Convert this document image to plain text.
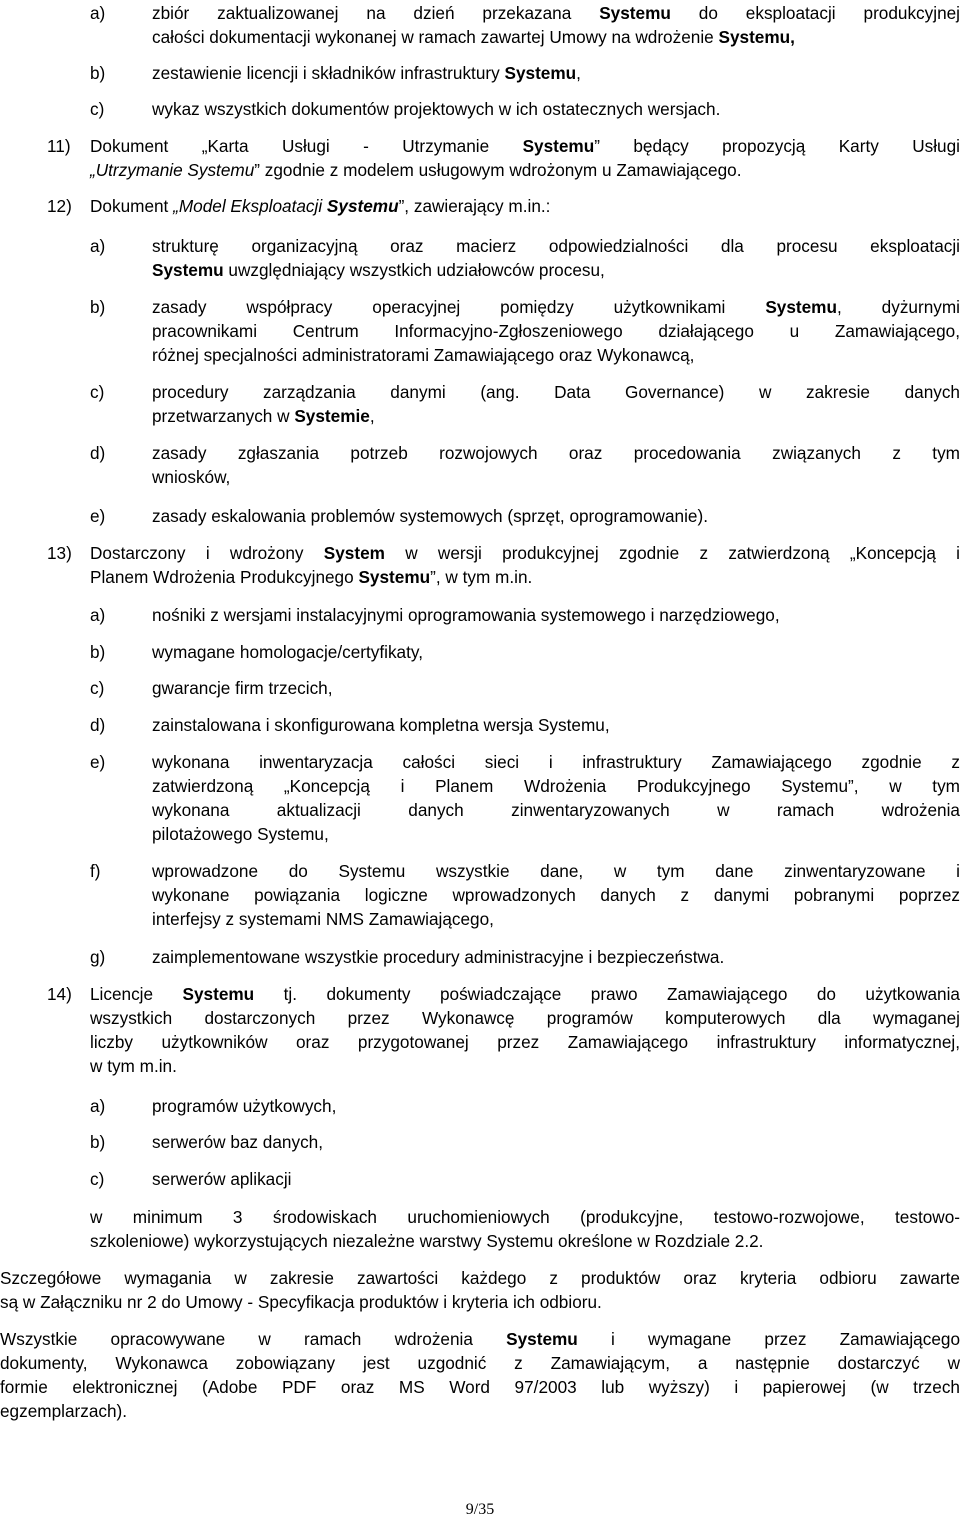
a)	zbiór zaktualizowanej na dzień przekazana Systemu do eksploatacji produkcyjnej
całości dokumentacji wykonanej w ramach zawartej Umowy na wdrożenie Systemu,
b)	zestawienie licencji i składników infrastruktury Systemu,
c)	wykaz wszystkich dokumentów projektowych w ich ostatecznych wersjach.
11) Dokument „Karta Usługi - Utrzymanie Systemu” będący propozycją Karty Usługi
„Utrzymanie Systemu” zgodnie z modelem usługowym wdrożonym u Zamawiającego.
12) Dokument „Model Eksploatacji Systemu”, zawierający m.in.:
a)	strukturę organizacyjną oraz macierz odpowiedzialności dla procesu eksploatacji
Systemu uwzględniający wszystkich udziałowców procesu,
b)	zasady współpracy operacyjnej pomiędzy użytkownikami Systemu, dyżurnymi
pracownikami Centrum Informacyjno-Zgłoszeniowego działającego u Zamawiającego,
różnej specjalności administratorami Zamawiającego oraz Wykonawcą,
c)	procedury zarządzania danymi (ang. Data Governance) w zakresie danych
przetwarzanych w Systemie,
d)	zasady zgłaszania potrzeb rozwojowych oraz procedowania związanych z tym
wniosków,
e)	zasady eskalowania problemów systemowych (sprzęt, oprogramowanie).
13) Dostarczony i wdrożony System w wersji produkcyjnej zgodnie z zatwierdzoną „Koncepcją i
Planem Wdrożenia Produkcyjnego Systemu”, w tym m.in.
a)	nośniki z wersjami instalacyjnymi oprogramowania systemowego i narzędziowego,
b)	wymagane homologacje/certyfikaty,
c)	gwarancje firm trzecich,
d)	zainstalowana i skonfigurowana kompletna wersja Systemu,
e)	wykonana inwentaryzacja całości sieci i infrastruktury Zamawiającego zgodnie z
zatwierdzoną „Koncepcją i Planem Wdrożenia Produkcyjnego Systemu”, w tym
wykonana aktualizacji danych zinwentaryzowanych w ramach wdrożenia
pilotażowego Systemu,
f)	wprowadzone do Systemu wszystkie dane, w tym dane zinwentaryzowane i
wykonane powiązania logiczne wprowadzonych danych z danymi pobranymi poprzez
interfejsy z systemami NMS Zamawiającego,
g)	zaimplementowane wszystkie procedury administracyjne i bezpieczeństwa.
14) Licencje Systemu tj. dokumenty poświadczające prawo Zamawiającego do użytkowania
wszystkich dostarczonych przez Wykonawcę programów komputerowych dla wymaganej
liczby użytkowników oraz przygotowanej przez Zamawiającego infrastruktury informatycznej,
w tym m.in.
a)	programów użytkowych,
b)	serwerów baz danych,
c)	serwerów aplikacji
w minimum 3 środowiskach uruchomieniowych (produkcyjne, testowo-rozwojowe, testowo-
szkoleniowe) wykorzystujących niezależne warstwy Systemu określone w Rozdziale 2.2.
Szczegółowe wymagania w zakresie zawartości każdego z produktów oraz kryteria odbioru zawarte
są w Załączniku nr 2 do Umowy - Specyfikacja produktów i kryteria ich odbioru.
Wszystkie opracowywane w ramach wdrożenia Systemu i wymagane przez Zamawiającego
dokumenty, Wykonawca zobowiązany jest uzgodnić z Zamawiającym, a następnie dostarczyć w
formie elektronicznej (Adobe PDF oraz MS Word 97/2003 lub wyższy) i papierowej (w trzech
egzemplarzach).
9/35
